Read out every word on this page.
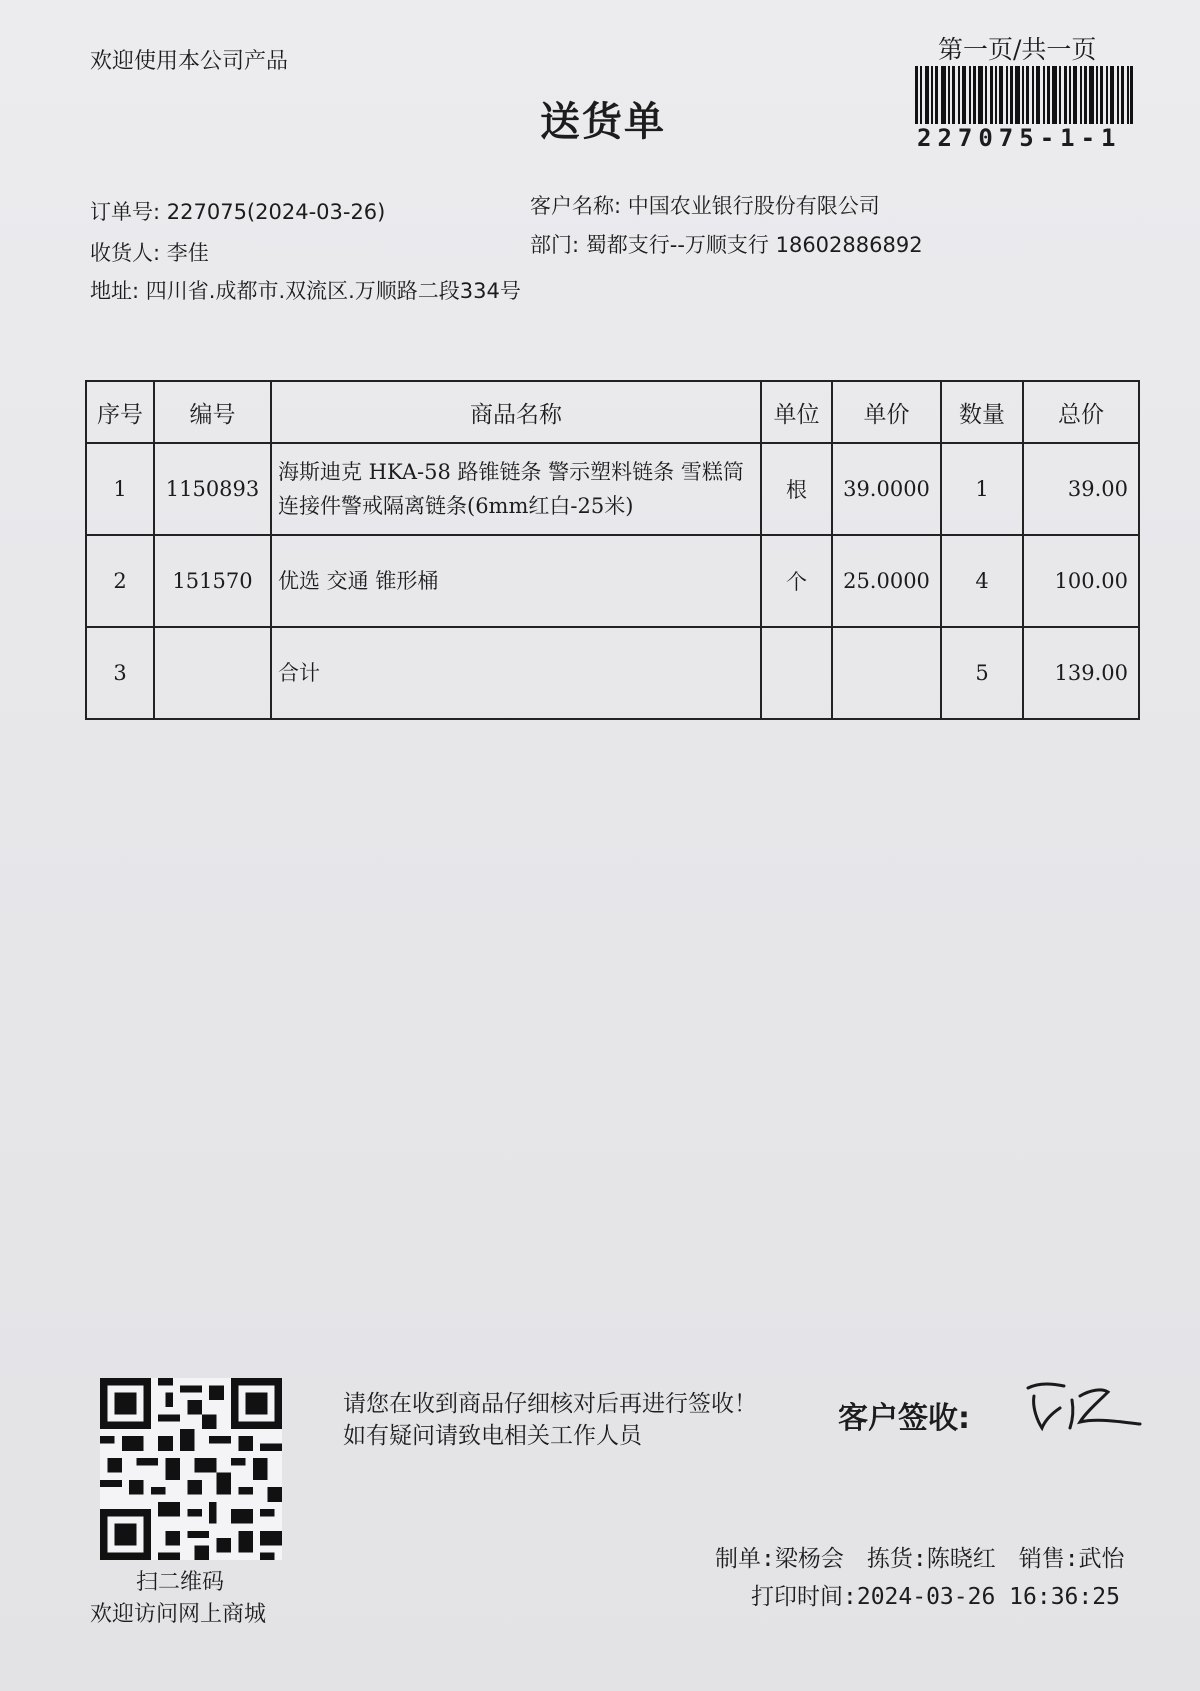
欢迎使用本公司产品	第一页/共一页
送货单	227075-1-1
订单号: 227075(2024-03-26)
收货人: 李佳
地址: 四川省.成都市.双流区.万顺路二段334号
客户名称: 中国农业银行股份有限公司
部门: 蜀都支行--万顺支行 18602886892
序号	编号	商品名称	单位	单价	数量	总价
1	1150893	海斯迪克 HKA-58 路锥链条 警示塑料链条 雪糕筒连接件警戒隔离链条(6mm红白-25米)	根	39.0000	1	39.00
2	151570	优选 交通 锥形桶	个	25.0000	4	100.00
3		合计			5	139.00
扫二维码
欢迎访问网上商城
请您在收到商品仔细核对后再进行签收！如有疑问请致电相关工作人员	客户签收:
制单:梁杨会　拣货:陈晓红　销售:武怡
打印时间:2024-03-26 16:36:25
